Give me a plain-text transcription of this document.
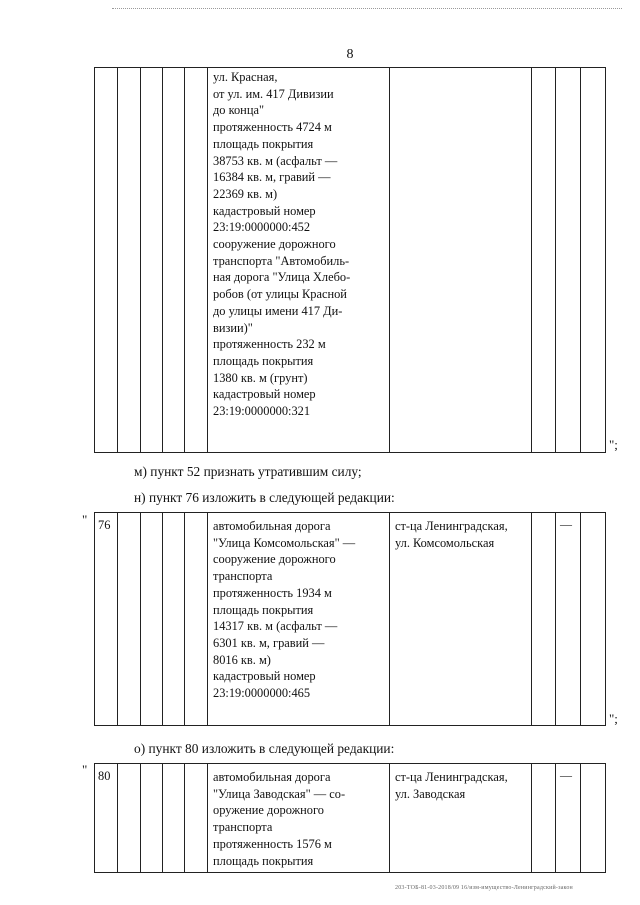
8
ул. Красная,
от ул. им. 417 Дивизии
до конца"
протяженность 4724 м
площадь покрытия
38753 кв. м (асфальт —
16384 кв. м, гравий —
22369 кв. м)
кадастровый номер
23:19:0000000:452
сооружение дорожного
транспорта "Автомобиль-
ная дорога "Улица Хлебо-
робов (от улицы Красной
до улицы имени 417 Ди-
визии)"
протяженность 232 м
площадь покрытия
1380 кв. м (грунт)
кадастровый номер
23:19:0000000:321
";
м) пункт 52 признать утратившим силу;
н) пункт 76 изложить в следующей редакции:
" 76	автомобильная дорога
"Улица Комсомольская" —
сооружение дорожного
транспорта
протяженность 1934 м
площадь покрытия
14317 кв. м (асфальт —
6301 кв. м, гравий —
8016 кв. м)
кадастровый номер
23:19:0000000:465
ст-ца Ленинградская,
ул. Комсомольская
—
";
о) пункт 80 изложить в следующей редакции:
" 80	автомобильная дорога
"Улица Заводская" — со-
оружение дорожного
транспорта
протяженность 1576 м
площадь покрытия
ст-ца Ленинградская,
ул. Заводская
—
203-ТОБ-81-03-2018/09 16/изм-имущество-Ленинградский-закон
